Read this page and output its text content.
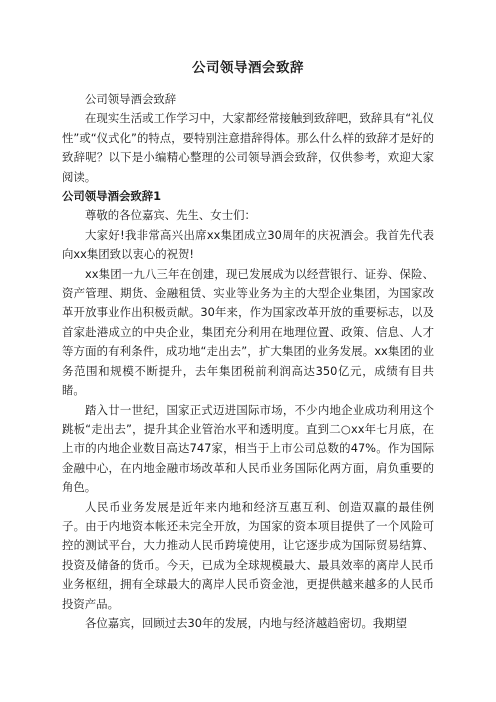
公司领导酒会致辞

公司领导酒会致辞

在现实生活或工作学习中，大家都经常接触到致辞吧，致辞具有“礼仪性”或“仪式化”的特点，要特别注意措辞得体。那么什么样的致辞才是好的致辞呢？以下是小编精心整理的公司领导酒会致辞，仅供参考，欢迎大家阅读。

公司领导酒会致辞1

尊敬的各位嘉宾、先生、女士们：

大家好!我非常高兴出席xx集团成立30周年的庆祝酒会。我首先代表向xx集团致以衷心的祝贺!

xx集团一九八三年在创建，现已发展成为以经营银行、证券、保险、资产管理、期货、金融租赁、实业等业务为主的大型企业集团，为国家改革开放事业作出积极贡献。30年来，作为国家改革开放的重要标志，以及首家赴港成立的中央企业，集团充分利用在地理位置、政策、信息、人才等方面的有利条件，成功地“走出去”，扩大集团的业务发展。xx集团的业务范围和规模不断提升，去年集团税前利润高达350亿元，成绩有目共睹。

踏入廿一世纪，国家正式迈进国际市场，不少内地企业成功利用这个跳板“走出去”，提升其企业管治水平和透明度。直到二○xx年七月底，在上市的内地企业数目高达747家，相当于上市公司总数的47%。作为国际金融中心，在内地金融市场改革和人民币业务国际化两方面，肩负重要的角色。

人民币业务发展是近年来内地和经济互惠互利、创造双赢的最佳例子。由于内地资本帐还未完全开放，为国家的资本项目提供了一个风险可控的测试平台，大力推动人民币跨境使用，让它逐步成为国际贸易结算、投资及储备的货币。今天，已成为全球规模最大、最具效率的离岸人民币业务枢纽，拥有全球最大的离岸人民币资金池，更提供越来越多的人民币投资产品。

各位嘉宾，回顾过去30年的发展，内地与经济越趋密切。我期望
